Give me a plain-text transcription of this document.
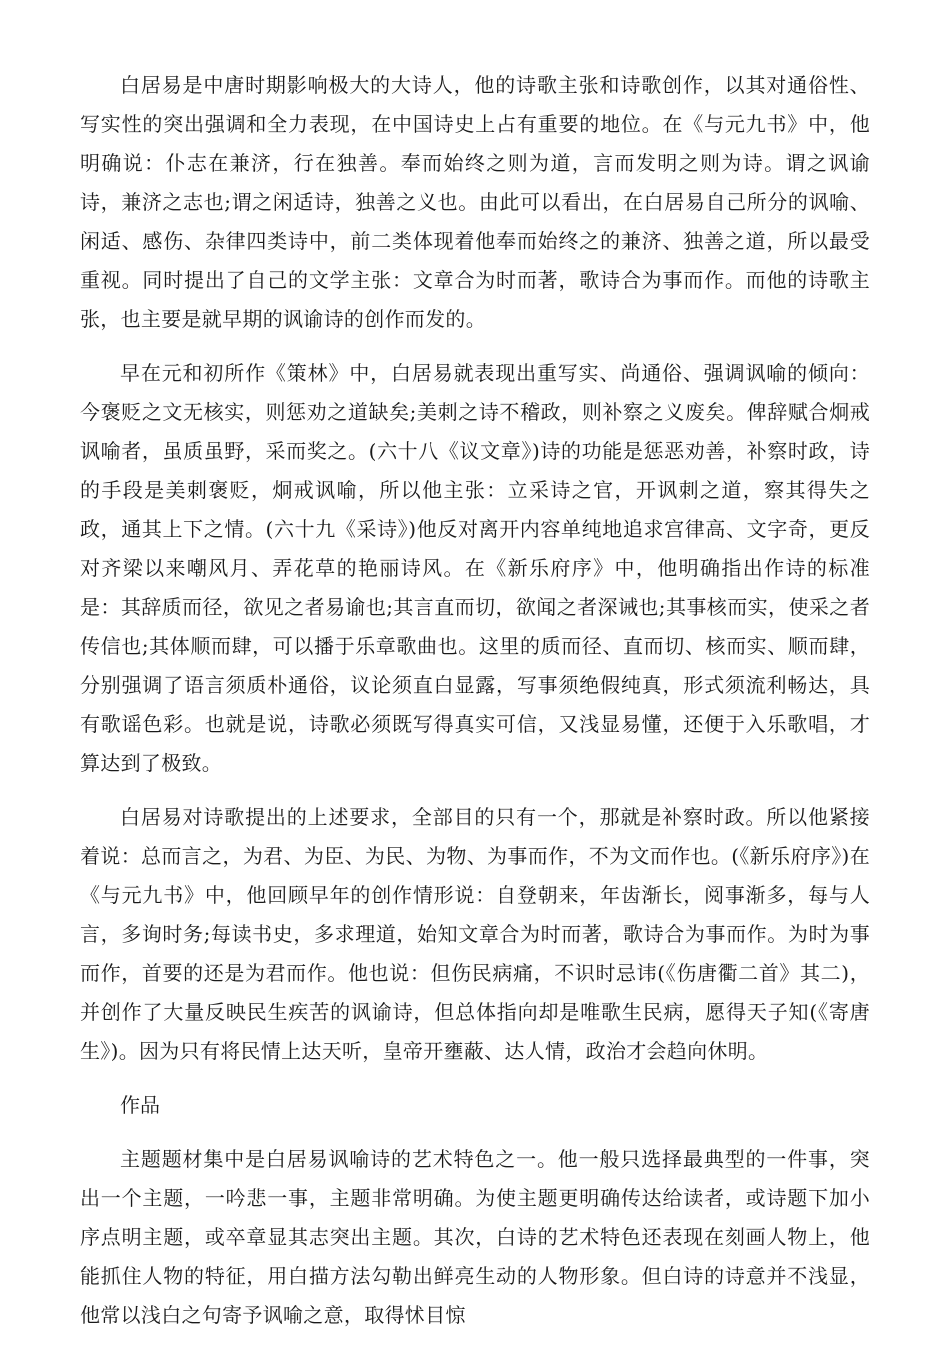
白居易是中唐时期影响极大的大诗人，他的诗歌主张和诗歌创作，以其对通俗性、写实性的突出强调和全力表现，在中国诗史上占有重要的地位。在《与元九书》中，他明确说：仆志在兼济，行在独善。奉而始终之则为道，言而发明之则为诗。谓之讽谕诗，兼济之志也;谓之闲适诗，独善之义也。由此可以看出，在白居易自己所分的讽喻、闲适、感伤、杂律四类诗中，前二类体现着他奉而始终之的兼济、独善之道，所以最受重视。同时提出了自己的文学主张：文章合为时而著，歌诗合为事而作。而他的诗歌主张，也主要是就早期的讽谕诗的创作而发的。

早在元和初所作《策林》中，白居易就表现出重写实、尚通俗、强调讽喻的倾向：今褒贬之文无核实，则惩劝之道缺矣;美刺之诗不稽政，则补察之义废矣。俾辞赋合炯戒讽喻者，虽质虽野，采而奖之。(六十八《议文章》)诗的功能是惩恶劝善，补察时政，诗的手段是美刺褒贬，炯戒讽喻，所以他主张：立采诗之官，开讽刺之道，察其得失之政，通其上下之情。(六十九《采诗》)他反对离开内容单纯地追求宫律高、文字奇，更反对齐梁以来嘲风月、弄花草的艳丽诗风。在《新乐府序》中，他明确指出作诗的标准是：其辞质而径，欲见之者易谕也;其言直而切，欲闻之者深诫也;其事核而实，使采之者传信也;其体顺而肆，可以播于乐章歌曲也。这里的质而径、直而切、核而实、顺而肆，分别强调了语言须质朴通俗，议论须直白显露，写事须绝假纯真，形式须流利畅达，具有歌谣色彩。也就是说，诗歌必须既写得真实可信，又浅显易懂，还便于入乐歌唱，才算达到了极致。

白居易对诗歌提出的上述要求，全部目的只有一个，那就是补察时政。所以他紧接着说：总而言之，为君、为臣、为民、为物、为事而作，不为文而作也。(《新乐府序》)在《与元九书》中，他回顾早年的创作情形说：自登朝来，年齿渐长，阅事渐多，每与人言，多询时务;每读书史，多求理道，始知文章合为时而著，歌诗合为事而作。为时为事而作，首要的还是为君而作。他也说：但伤民病痛，不识时忌讳(《伤唐衢二首》其二)，并创作了大量反映民生疾苦的讽谕诗，但总体指向却是唯歌生民病，愿得天子知(《寄唐生》)。因为只有将民情上达天听，皇帝开壅蔽、达人情，政治才会趋向休明。

作品

主题题材集中是白居易讽喻诗的艺术特色之一。他一般只选择最典型的一件事，突出一个主题，一吟悲一事，主题非常明确。为使主题更明确传达给读者，或诗题下加小序点明主题，或卒章显其志突出主题。其次，白诗的艺术特色还表现在刻画人物上，他能抓住人物的特征，用白描方法勾勒出鲜亮生动的人物形象。但白诗的诗意并不浅显，他常以浅白之句寄予讽喻之意，取得怵目惊
